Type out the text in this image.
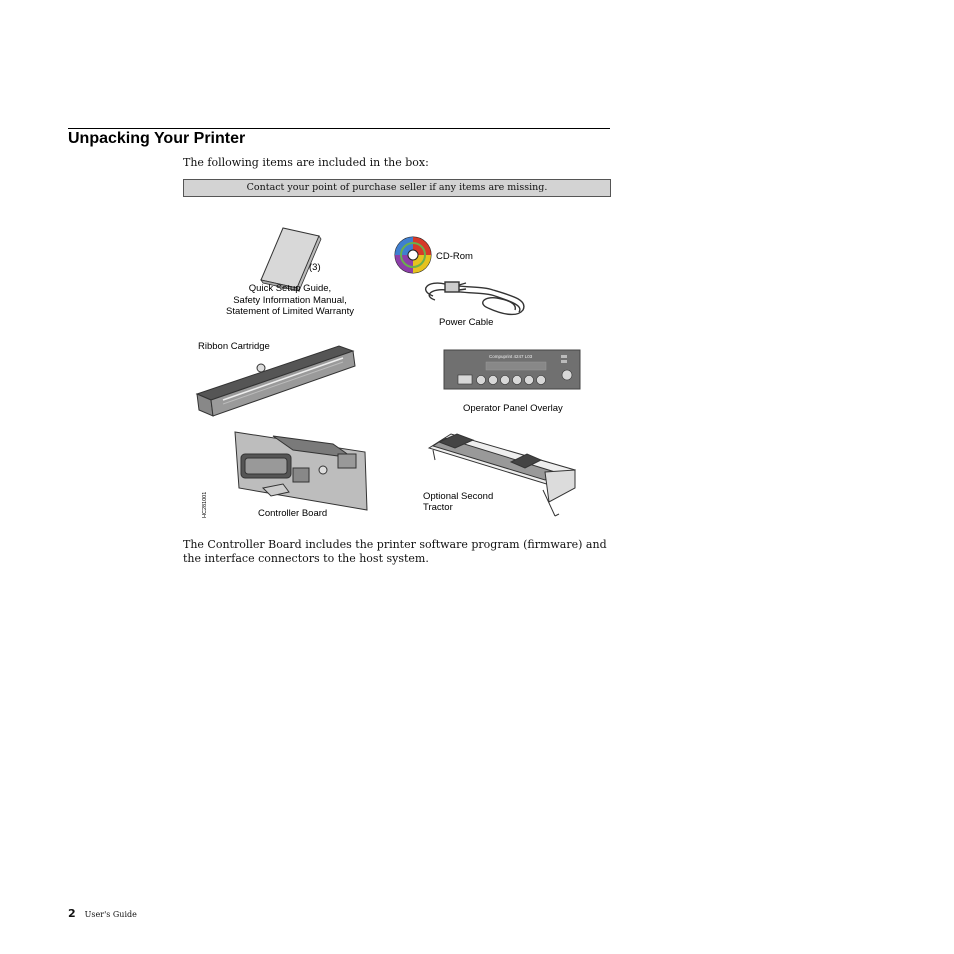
Unpacking Your Printer
The following items are included in the box:
Contact your point of purchase seller if any items are missing.
(3)
Quick Setup Guide,
Safety Information Manual,
Statement of Limited Warranty
CD-Rom
Power Cable
Ribbon Cartridge
Compuprint 4247 L03
Operator Panel Overlay
HC281001	Controller Board
Optional Second
Tractor
The Controller Board includes the printer software program (firmware) and the interface connectors to the host system.
2 User's Guide
